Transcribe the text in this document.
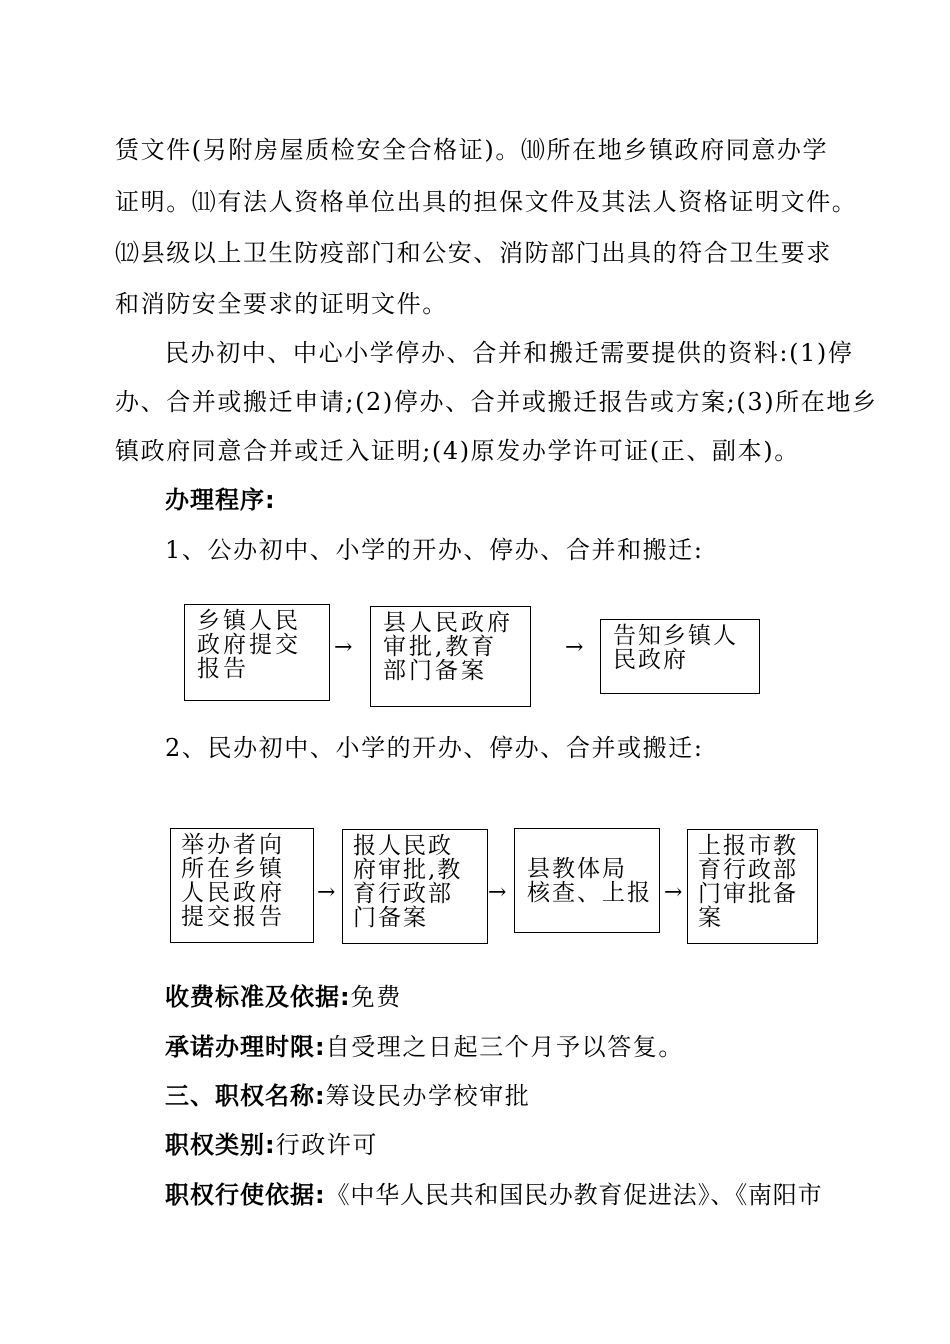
赁文件(另附房屋质检安全合格证)。⑽所在地乡镇政府同意办学
证明。⑾有法人资格单位出具的担保文件及其法人资格证明文件。
⑿县级以上卫生防疫部门和公安、消防部门出具的符合卫生要求
和消防安全要求的证明文件。
民办初中、中心小学停办、合并和搬迁需要提供的资料:(1)停
办、合并或搬迁申请;(2)停办、合并或搬迁报告或方案;(3)所在地乡
镇政府同意合并或迁入证明;(4)原发办学许可证(正、副本)。
办理程序:
1、公办初中、小学的开办、停办、合并和搬迁:
乡镇人民
政府提交
报告
→
县人民政府
审批,教育
部门备案
→ 告知乡镇人
民政府
2、民办初中、小学的开办、停办、合并或搬迁:
举办者向
所在乡镇
人民政府
提交报告
→
报人民政
府审批,教
育行政部
门备案
→
县教体局
核查、上报 →
上报市教
育行政部
门审批备
案
收费标准及依据:免费
承诺办理时限:自受理之日起三个月予以答复。
三、职权名称:筹设民办学校审批
职权类别:行政许可
职权行使依据:《中华人民共和国民办教育促进法》、《南阳市
